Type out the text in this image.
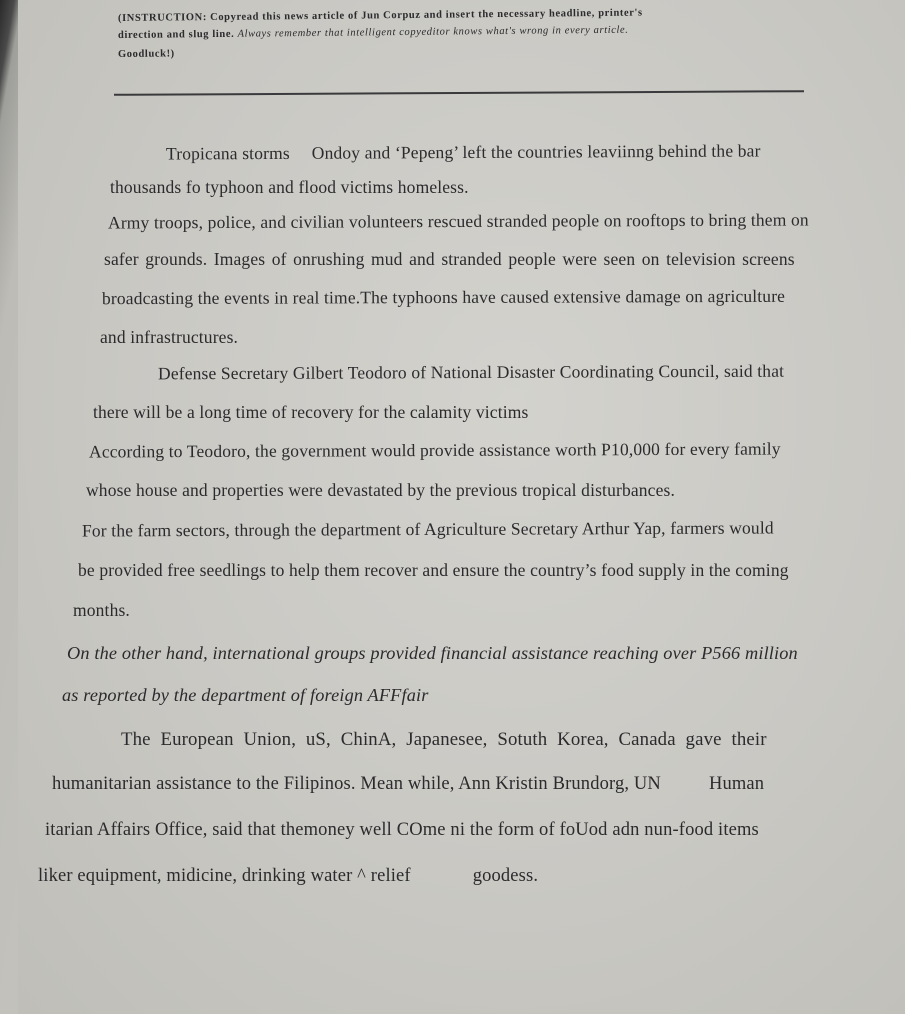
(INSTRUCTION: Copyread this news article of Jun Corpuz and insert the necessary headline, printer's
direction and slug line. Always remember that intelligent copyeditor knows what's wrong in every article.
Goodluck!)
Tropicana storms Ondoy and ‘Pepeng’ left the countries leaviinng behind the bar
thousands fo typhoon and flood victims homeless.
Army troops, police, and civilian volunteers rescued stranded people on rooftops to bring them on
safer grounds. Images of onrushing mud and stranded people were seen on television screens
broadcasting the events in real time.The typhoons have caused extensive damage on agriculture
and infrastructures.
Defense Secretary Gilbert Teodoro of National Disaster Coordinating Council, said that
there will be a long time of recovery for the calamity victims
According to Teodoro, the government would provide assistance worth P10,000 for every family
whose house and properties were devastated by the previous tropical disturbances.
For the farm sectors, through the department of Agriculture Secretary Arthur Yap, farmers would
be provided free seedlings to help them recover and ensure the country’s food supply in the coming
months.
On the other hand, international groups provided financial assistance reaching over P566 million
as reported by the department of foreign AFFfair
The European Union, uS, ChinA, Japanesee, Sotuth Korea, Canada gave their
humanitarian assistance to the Filipinos. Mean while, Ann Kristin Brundorg, UN	Human
itarian Affairs Office, said that themoney well COme ni the form of foUod adn nun-food items
liker equipment, midicine, drinking water ^ relief	goodess.
